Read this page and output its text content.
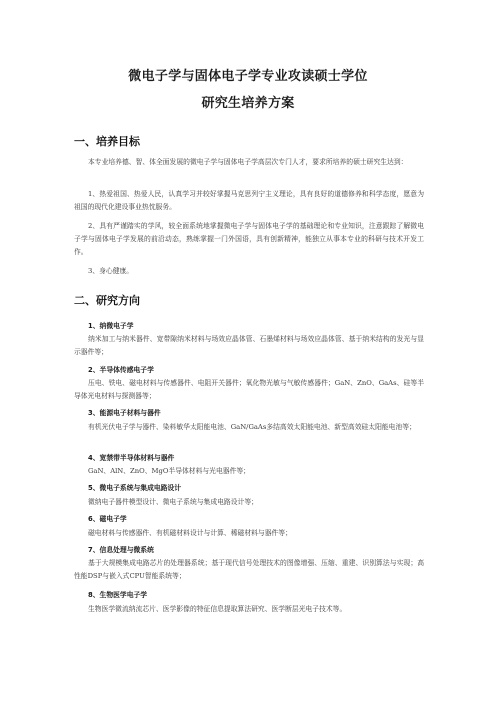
微电子学与固体电子学专业攻读硕士学位
研究生培养方案
一、培养目标
本专业培养德、智、体全面发展的微电子学与固体电子学高层次专门人才，要求所培养的硕士研究生达到：
1、热爱祖国、热爱人民，认真学习并较好掌握马克思列宁主义理论，具有良好的道德修养和科学态度，愿意为祖国的现代化建设事业热忱服务。
2、具有严谨踏实的学风，较全面系统地掌握微电子学与固体电子学的基础理论和专业知识，注意跟踪了解微电子学与固体电子学发展的前沿动态，熟练掌握一门外国语，具有创新精神，能独立从事本专业的科研与技术开发工作。
3、身心健康。
二、研究方向
1、纳微电子学
纳米加工与纳米器件、宽带隙纳米材料与场效应晶体管、石墨烯材料与场效应晶体管、基于纳米结构的发光与显示器件等；
2、半导体传感电子学
压电、铁电、磁电材料与传感器件、电阻开关器件；氧化物光敏与气敏传感器件；GaN、ZnO、GaAs、硅等半导体光电材料与探测器等；
3、能源电子材料与器件
有机光伏电子学与器件、染料敏华太阳能电池、GaN/GaAs多结高效太阳能电池、新型高效硅太阳能电池等；
4、宽禁带半导体材料与器件
GaN、AlN、ZnO、MgO半导体材料与光电器件等；
5、微电子系统与集成电路设计
微纳电子器件模型设计、微电子系统与集成电路设计等；
6、磁电子学
磁电材料与传感器件、有机磁材料设计与计算、稀磁材料与器件等；
7、信息处理与微系统
基于大规模集成电路芯片的处理器系统；基于现代信号处理技术的图像增强、压缩、重建、识别算法与实现；高性能DSP与嵌入式CPU智能系统等；
8、生物医学电子学
生物医学微流纳流芯片、医学影像的特征信息提取算法研究、医学断层光电子技术等。
